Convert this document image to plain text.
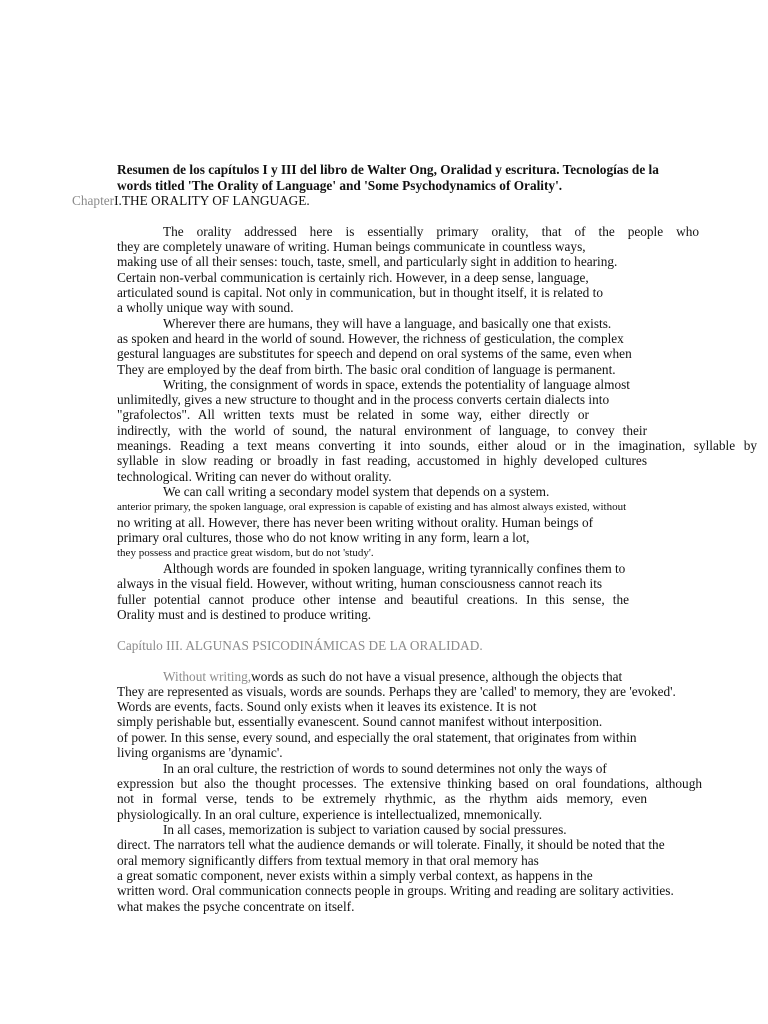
Resumen de los capítulos I y III del libro de Walter Ong, Oralidad y escritura. Tecnologías de la
words titled 'The Orality of Language' and 'Some Psychodynamics of Orality'.
ChapterI.THE ORALITY OF LANGUAGE.
The orality addressed here is essentially primary orality, that of the people who
they are completely unaware of writing. Human beings communicate in countless ways,
making use of all their senses: touch, taste, smell, and particularly sight in addition to hearing.
Certain non-verbal communication is certainly rich. However, in a deep sense, language,
articulated sound is capital. Not only in communication, but in thought itself, it is related to
a wholly unique way with sound.
Wherever there are humans, they will have a language, and basically one that exists.
as spoken and heard in the world of sound. However, the richness of gesticulation, the complex
gestural languages are substitutes for speech and depend on oral systems of the same, even when
They are employed by the deaf from birth. The basic oral condition of language is permanent.
Writing, the consignment of words in space, extends the potentiality of language almost
unlimitedly, gives a new structure to thought and in the process converts certain dialects into
"grafolectos". All written texts must be related in some way, either directly or
indirectly, with the world of sound, the natural environment of language, to convey their
meanings. Reading a text means converting it into sounds, either aloud or in the imagination, syllable by
syllable in slow reading or broadly in fast reading, accustomed in highly developed cultures
technological. Writing can never do without orality.
We can call writing a secondary model system that depends on a system.
anterior primary, the spoken language, oral expression is capable of existing and has almost always existed, without
no writing at all. However, there has never been writing without orality. Human beings of
primary oral cultures, those who do not know writing in any form, learn a lot,
they possess and practice great wisdom, but do not 'study'.
Although words are founded in spoken language, writing tyrannically confines them to
always in the visual field. However, without writing, human consciousness cannot reach its
fuller potential cannot produce other intense and beautiful creations. In this sense, the
Orality must and is destined to produce writing.
Capítulo III. ALGUNAS PSICODINÁMICAS DE LA ORALIDAD.
Without writing,words as such do not have a visual presence, although the objects that
They are represented as visuals, words are sounds. Perhaps they are 'called' to memory, they are 'evoked'.
Words are events, facts. Sound only exists when it leaves its existence. It is not
simply perishable but, essentially evanescent. Sound cannot manifest without interposition.
of power. In this sense, every sound, and especially the oral statement, that originates from within
living organisms are 'dynamic'.
In an oral culture, the restriction of words to sound determines not only the ways of
expression but also the thought processes. The extensive thinking based on oral foundations, although
not in formal verse, tends to be extremely rhythmic, as the rhythm aids memory, even
physiologically. In an oral culture, experience is intellectualized, mnemonically.
In all cases, memorization is subject to variation caused by social pressures.
direct. The narrators tell what the audience demands or will tolerate. Finally, it should be noted that the
oral memory significantly differs from textual memory in that oral memory has
a great somatic component, never exists within a simply verbal context, as happens in the
written word. Oral communication connects people in groups. Writing and reading are solitary activities.
what makes the psyche concentrate on itself.
